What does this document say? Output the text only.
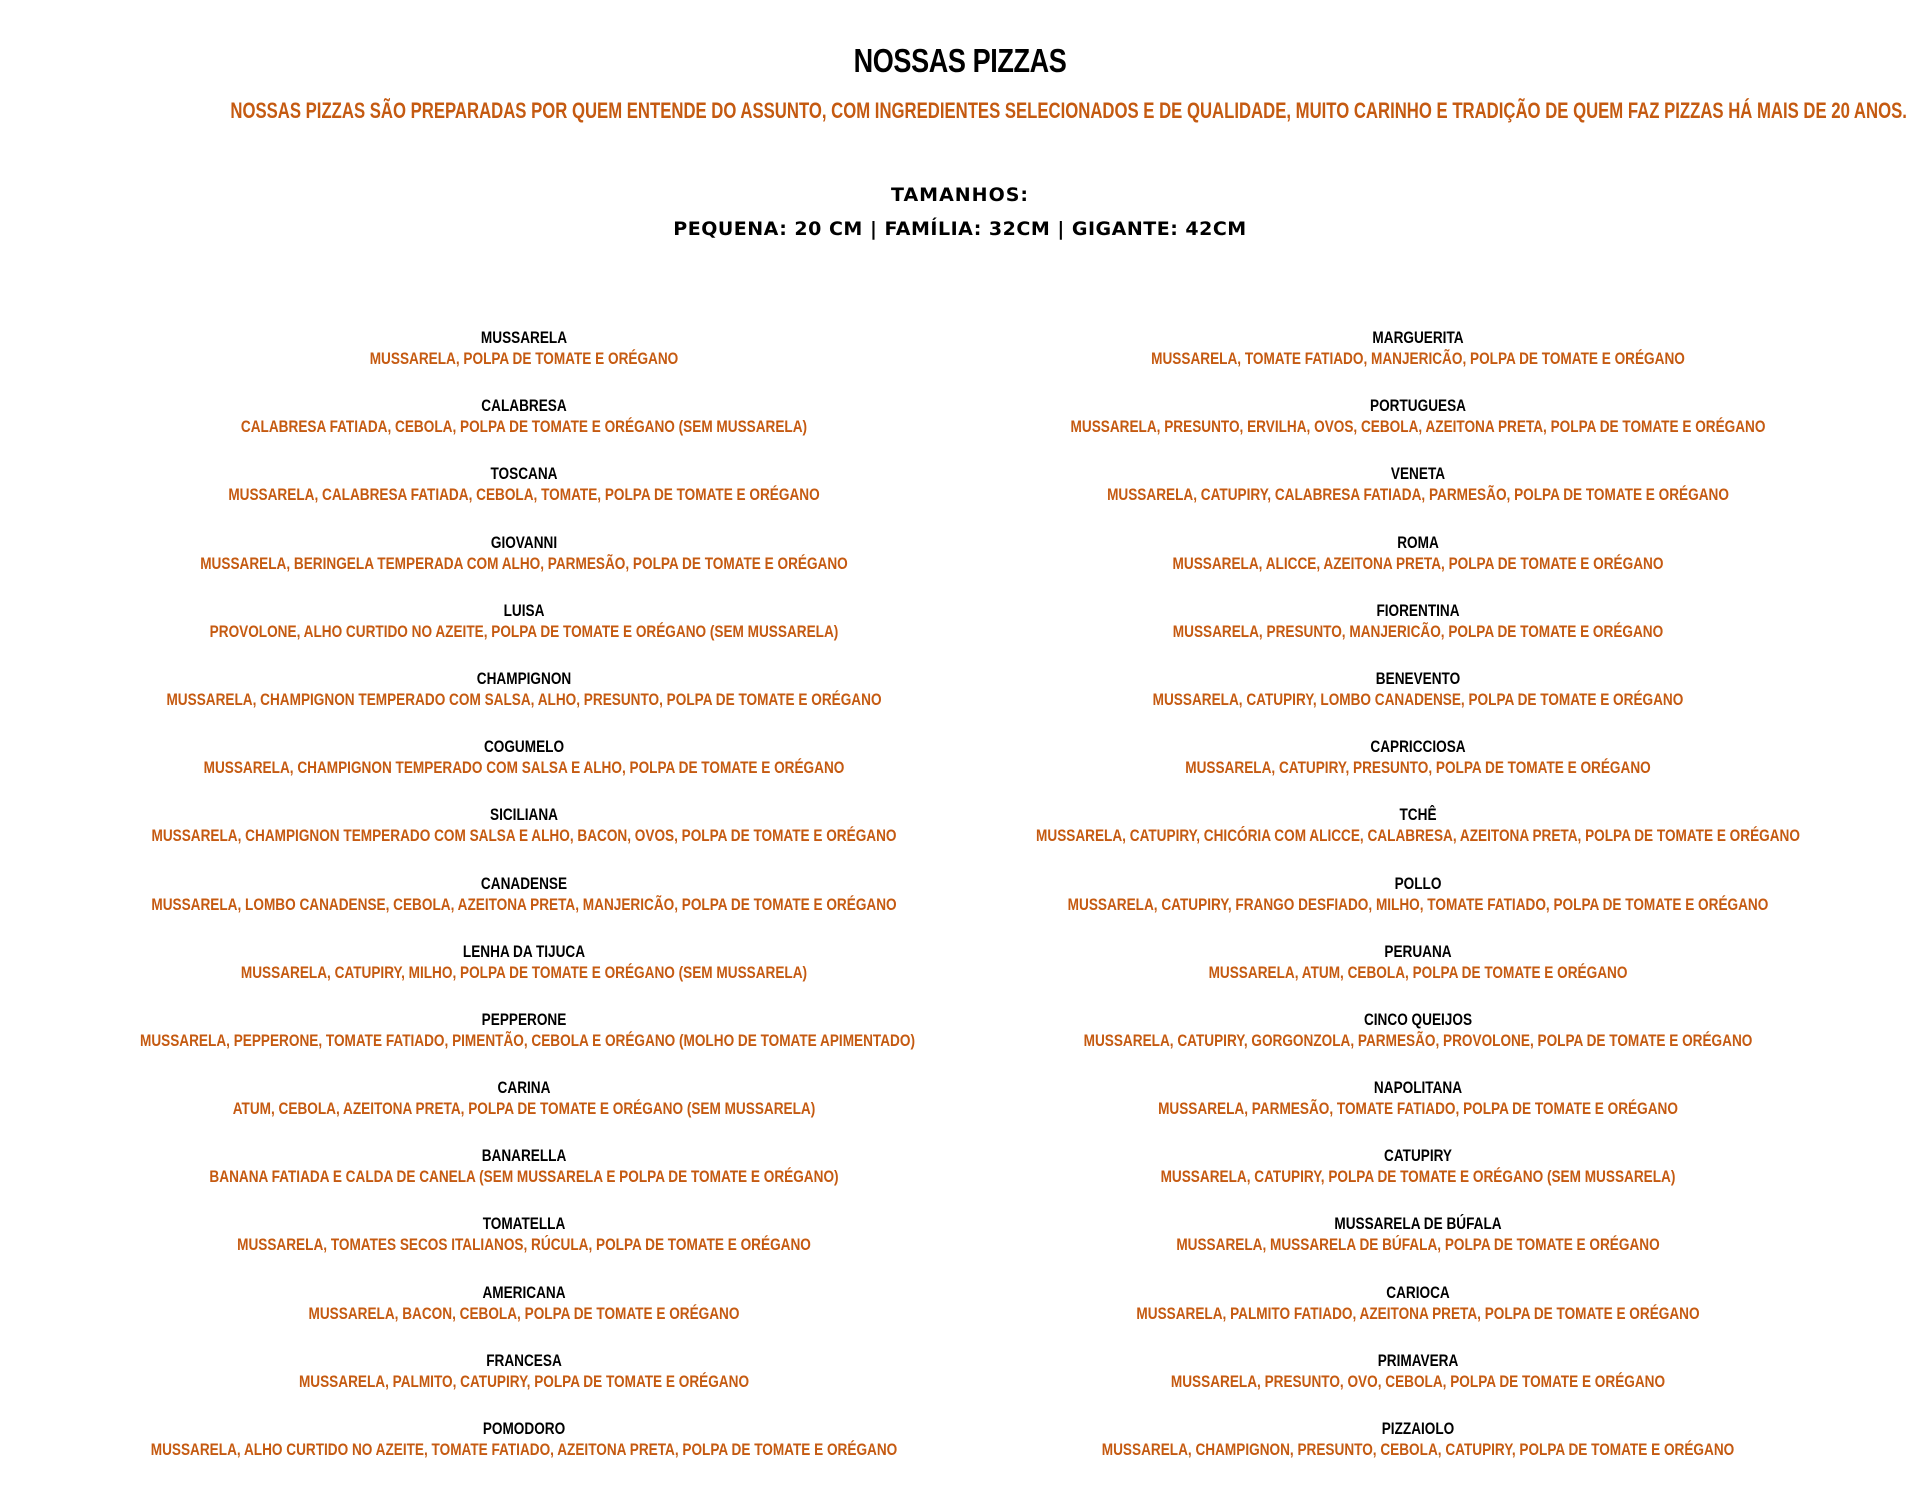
NOSSAS PIZZAS
NOSSAS PIZZAS SÃO PREPARADAS POR QUEM ENTENDE DO ASSUNTO, COM INGREDIENTES SELECIONADOS E DE QUALIDADE, MUITO CARINHO E TRADIÇÃO DE QUEM FAZ PIZZAS HÁ MAIS DE 20 ANOS.
TAMANHOS:
PEQUENA: 20 CM | FAMÍLIA: 32CM | GIGANTE: 42CM
MUSSARELA
MUSSARELA, POLPA DE TOMATE E ORÉGANO
CALABRESA
CALABRESA FATIADA, CEBOLA, POLPA DE TOMATE E ORÉGANO (SEM MUSSARELA)
TOSCANA
MUSSARELA, CALABRESA FATIADA, CEBOLA, TOMATE, POLPA DE TOMATE E ORÉGANO
GIOVANNI
MUSSARELA, BERINGELA TEMPERADA COM ALHO, PARMESÃO, POLPA DE TOMATE E ORÉGANO
LUISA
PROVOLONE, ALHO CURTIDO NO AZEITE, POLPA DE TOMATE E ORÉGANO (SEM MUSSARELA)
CHAMPIGNON
MUSSARELA, CHAMPIGNON TEMPERADO COM SALSA, ALHO, PRESUNTO, POLPA DE TOMATE E ORÉGANO
COGUMELO
MUSSARELA, CHAMPIGNON TEMPERADO COM SALSA E ALHO, POLPA DE TOMATE E ORÉGANO
SICILIANA
MUSSARELA, CHAMPIGNON TEMPERADO COM SALSA E ALHO, BACON, OVOS, POLPA DE TOMATE E ORÉGANO
CANADENSE
MUSSARELA, LOMBO CANADENSE, CEBOLA, AZEITONA PRETA, MANJERICÃO, POLPA DE TOMATE E ORÉGANO
LENHA DA TIJUCA
MUSSARELA, CATUPIRY, MILHO, POLPA DE TOMATE E ORÉGANO (SEM MUSSARELA)
PEPPERONE
MUSSARELA, PEPPERONE, TOMATE FATIADO, PIMENTÃO, CEBOLA E ORÉGANO (MOLHO DE TOMATE APIMENTADO)
CARINA
ATUM, CEBOLA, AZEITONA PRETA, POLPA DE TOMATE E ORÉGANO (SEM MUSSARELA)
BANARELLA
BANANA FATIADA E CALDA DE CANELA (SEM MUSSARELA E POLPA DE TOMATE E ORÉGANO)
TOMATELLA
MUSSARELA, TOMATES SECOS ITALIANOS, RÚCULA, POLPA DE TOMATE E ORÉGANO
AMERICANA
MUSSARELA, BACON, CEBOLA, POLPA DE TOMATE E ORÉGANO
FRANCESA
MUSSARELA, PALMITO, CATUPIRY, POLPA DE TOMATE E ORÉGANO
POMODORO
MUSSARELA, ALHO CURTIDO NO AZEITE, TOMATE FATIADO, AZEITONA PRETA, POLPA DE TOMATE E ORÉGANO
MARGUERITA
MUSSARELA, TOMATE FATIADO, MANJERICÃO, POLPA DE TOMATE E ORÉGANO
PORTUGUESA
MUSSARELA, PRESUNTO, ERVILHA, OVOS, CEBOLA, AZEITONA PRETA, POLPA DE TOMATE E ORÉGANO
VENETA
MUSSARELA, CATUPIRY, CALABRESA FATIADA, PARMESÃO, POLPA DE TOMATE E ORÉGANO
ROMA
MUSSARELA, ALICCE, AZEITONA PRETA, POLPA DE TOMATE E ORÉGANO
FIORENTINA
MUSSARELA, PRESUNTO, MANJERICÃO, POLPA DE TOMATE E ORÉGANO
BENEVENTO
MUSSARELA, CATUPIRY, LOMBO CANADENSE, POLPA DE TOMATE E ORÉGANO
CAPRICCIOSA
MUSSARELA, CATUPIRY, PRESUNTO, POLPA DE TOMATE E ORÉGANO
TCHÊ
MUSSARELA, CATUPIRY, CHICÓRIA COM ALICCE, CALABRESA, AZEITONA PRETA, POLPA DE TOMATE E ORÉGANO
POLLO
MUSSARELA, CATUPIRY, FRANGO DESFIADO, MILHO, TOMATE FATIADO, POLPA DE TOMATE E ORÉGANO
PERUANA
MUSSARELA, ATUM, CEBOLA, POLPA DE TOMATE E ORÉGANO
CINCO QUEIJOS
MUSSARELA, CATUPIRY, GORGONZOLA, PARMESÃO, PROVOLONE, POLPA DE TOMATE E ORÉGANO
NAPOLITANA
MUSSARELA, PARMESÃO, TOMATE FATIADO, POLPA DE TOMATE E ORÉGANO
CATUPIRY
MUSSARELA, CATUPIRY, POLPA DE TOMATE E ORÉGANO (SEM MUSSARELA)
MUSSARELA DE BÚFALA
MUSSARELA, MUSSARELA DE BÚFALA, POLPA DE TOMATE E ORÉGANO
CARIOCA
MUSSARELA, PALMITO FATIADO, AZEITONA PRETA, POLPA DE TOMATE E ORÉGANO
PRIMAVERA
MUSSARELA, PRESUNTO, OVO, CEBOLA, POLPA DE TOMATE E ORÉGANO
PIZZAIOLO
MUSSARELA, CHAMPIGNON, PRESUNTO, CEBOLA, CATUPIRY, POLPA DE TOMATE E ORÉGANO
